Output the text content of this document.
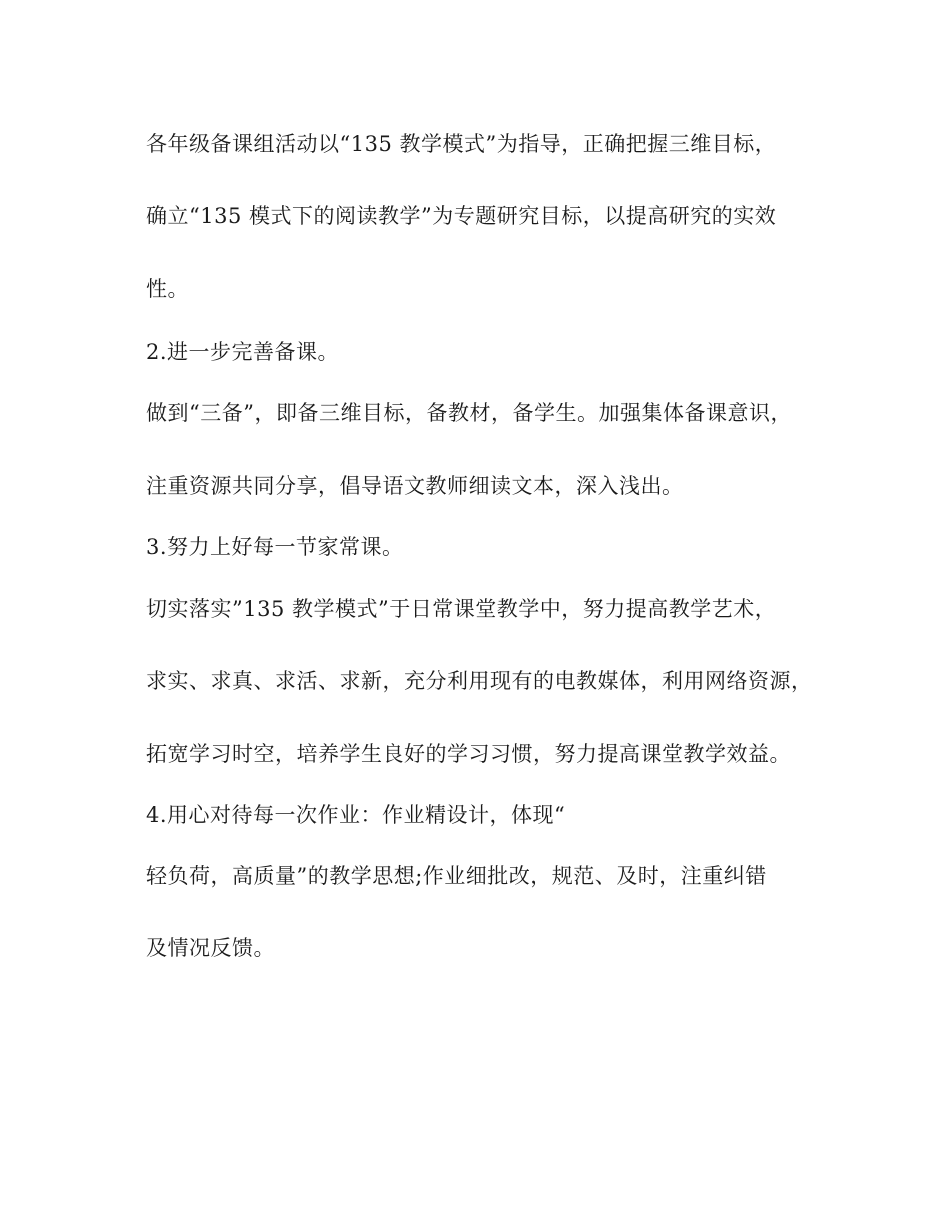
各年级备课组活动以“135 教学模式”为指导，正确把握三维目标，
确立“135 模式下的阅读教学”为专题研究目标，以提高研究的实效
性。
2.进一步完善备课。
做到“三备”，即备三维目标，备教材，备学生。加强集体备课意识，
注重资源共同分享，倡导语文教师细读文本，深入浅出。
3.努力上好每一节家常课。
切实落实”135 教学模式”于日常课堂教学中，努力提高教学艺术，
求实、求真、求活、求新，充分利用现有的电教媒体，利用网络资源，
拓宽学习时空，培养学生良好的学习习惯，努力提高课堂教学效益。
4.用心对待每一次作业：作业精设计，体现“
轻负荷，高质量”的教学思想;作业细批改，规范、及时，注重纠错
及情况反馈。
